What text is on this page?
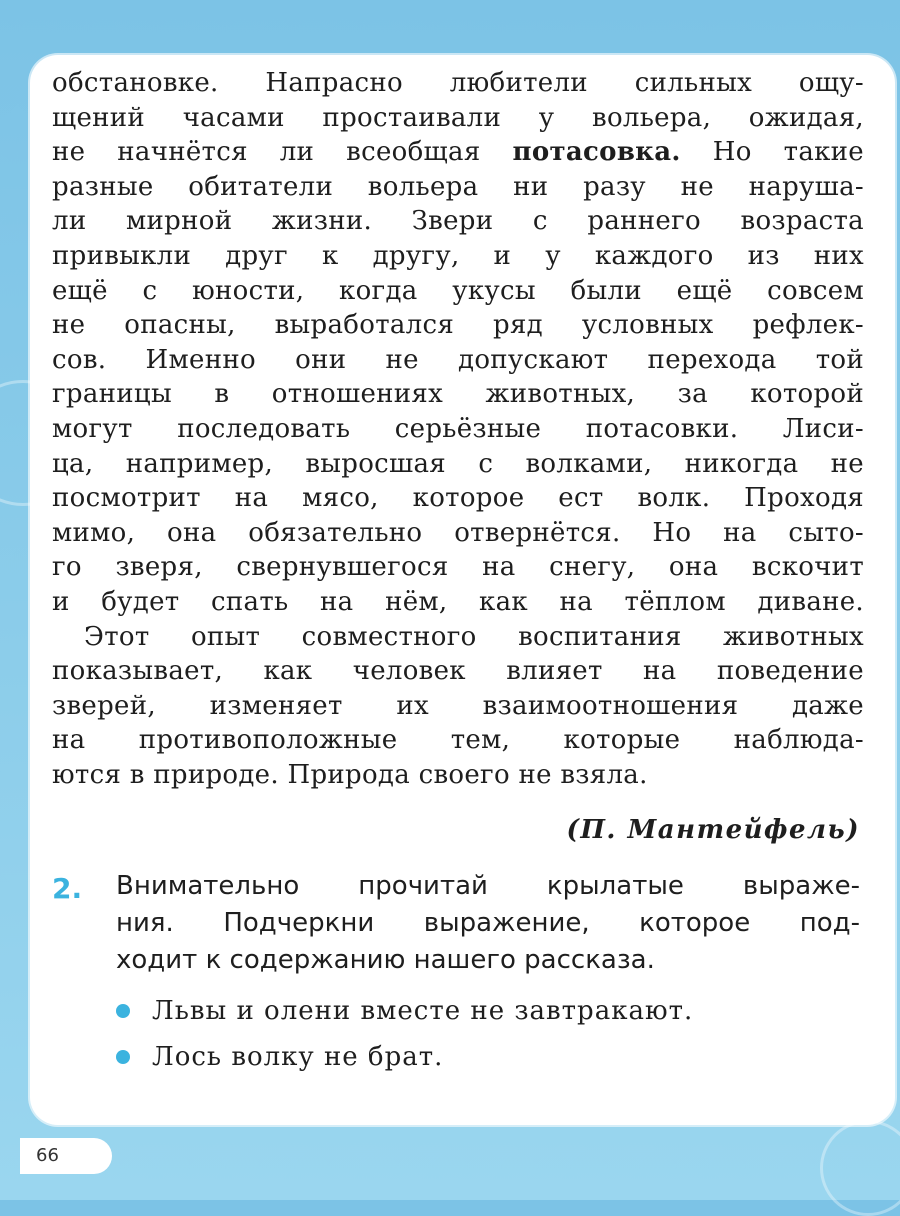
обстановке. Напрасно любители сильных ощу-
щений часами простаивали у вольера, ожидая,
не начнётся ли всеобщая потасовка. Но такие
разные обитатели вольера ни разу не наруша-
ли мирной жизни. Звери с раннего возраста
привыкли друг к другу, и у каждого из них
ещё с юности, когда укусы были ещё совсем
не опасны, выработался ряд условных рефлек-
сов. Именно они не допускают перехода той
границы в отношениях животных, за которой
могут последовать серьёзные потасовки. Лиси-
ца, например, выросшая с волками, никогда не
посмотрит на мясо, которое ест волк. Проходя
мимо, она обязательно отвернётся. Но на сыто-
го зверя, свернувшегося на снегу, она вскочит
и будет спать на нём, как на тёплом диване.
Этот опыт совместного воспитания животных
показывает, как человек влияет на поведение
зверей, изменяет их взаимоотношения даже
на противоположные тем, которые наблюда-
ются в природе. Природа своего не взяла.
(П. Мантейфель)
2. Внимательно прочитай крылатые выраже-
ния. Подчеркни выражение, которое под-
ходит к содержанию нашего рассказа.
Львы и олени вместе не завтракают.
Лось волку не брат.
66
